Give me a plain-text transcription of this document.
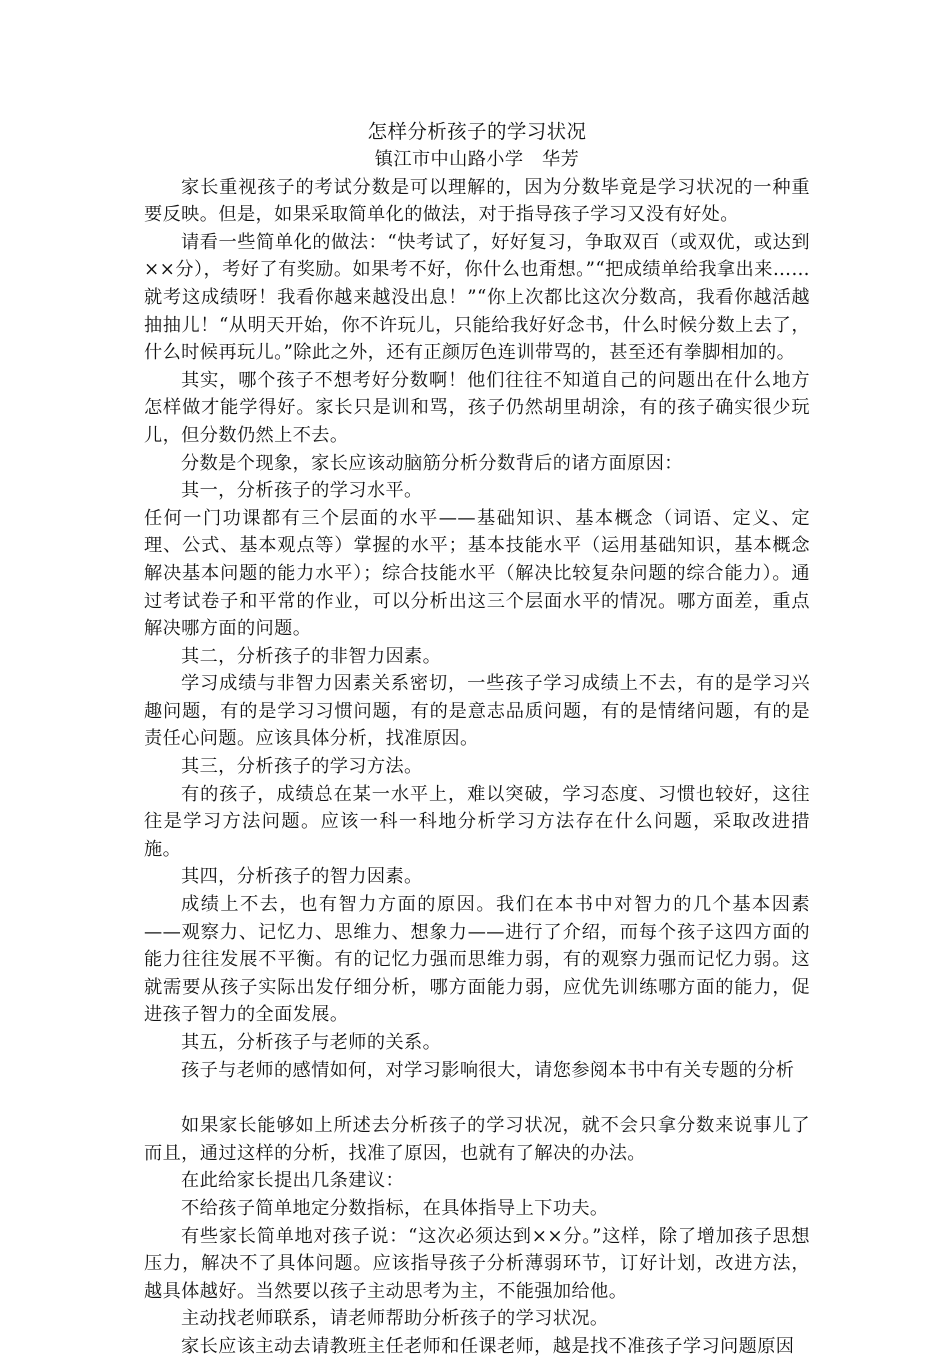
怎样分析孩子的学习状况

镇江市中山路小学　华芳

家长重视孩子的考试分数是可以理解的，因为分数毕竟是学习状况的一种重要反映。但是，如果采取简单化的做法，对于指导孩子学习又没有好处。

请看一些简单化的做法：“快考试了，好好复习，争取双百（或双优，或达到××分），考好了有奖励。如果考不好，你什么也甭想。”“把成绩单给我拿出来……就考这成绩呀！我看你越来越没出息！”“你上次都比这次分数高，我看你越活越抽抽儿！“从明天开始，你不许玩儿，只能给我好好念书，什么时候分数上去了，什么时候再玩儿。”除此之外，还有正颜厉色连训带骂的，甚至还有拳脚相加的。

其实，哪个孩子不想考好分数啊！他们往往不知道自己的问题出在什么地方怎样做才能学得好。家长只是训和骂，孩子仍然胡里胡涂，有的孩子确实很少玩儿，但分数仍然上不去。

分数是个现象，家长应该动脑筋分析分数背后的诸方面原因：

其一，分析孩子的学习水平。

任何一门功课都有三个层面的水平——基础知识、基本概念（词语、定义、定理、公式、基本观点等）掌握的水平；基本技能水平（运用基础知识，基本概念解决基本问题的能力水平）；综合技能水平（解决比较复杂问题的综合能力）。通过考试卷子和平常的作业，可以分析出这三个层面水平的情况。哪方面差，重点解决哪方面的问题。

其二，分析孩子的非智力因素。

学习成绩与非智力因素关系密切，一些孩子学习成绩上不去，有的是学习兴趣问题，有的是学习习惯问题，有的是意志品质问题，有的是情绪问题，有的是责任心问题。应该具体分析，找准原因。

其三，分析孩子的学习方法。

有的孩子，成绩总在某一水平上，难以突破，学习态度、习惯也较好，这往往是学习方法问题。应该一科一科地分析学习方法存在什么问题，采取改进措施。

其四，分析孩子的智力因素。

成绩上不去，也有智力方面的原因。我们在本书中对智力的几个基本因素——观察力、记忆力、思维力、想象力——进行了介绍，而每个孩子这四方面的能力往往发展不平衡。有的记忆力强而思维力弱，有的观察力强而记忆力弱。这就需要从孩子实际出发仔细分析，哪方面能力弱，应优先训练哪方面的能力，促进孩子智力的全面发展。

其五，分析孩子与老师的关系。

孩子与老师的感情如何，对学习影响很大，请您参阅本书中有关专题的分析

如果家长能够如上所述去分析孩子的学习状况，就不会只拿分数来说事儿了而且，通过这样的分析，找准了原因，也就有了解决的办法。

在此给家长提出几条建议：

不给孩子简单地定分数指标，在具体指导上下功夫。

有些家长简单地对孩子说：“这次必须达到××分。”这样，除了增加孩子思想压力，解决不了具体问题。应该指导孩子分析薄弱环节，订好计划，改进方法，越具体越好。当然要以孩子主动思考为主，不能强加给他。

主动找老师联系，请老师帮助分析孩子的学习状况。

家长应该主动去请教班主任老师和任课老师，越是找不准孩子学习问题原因
